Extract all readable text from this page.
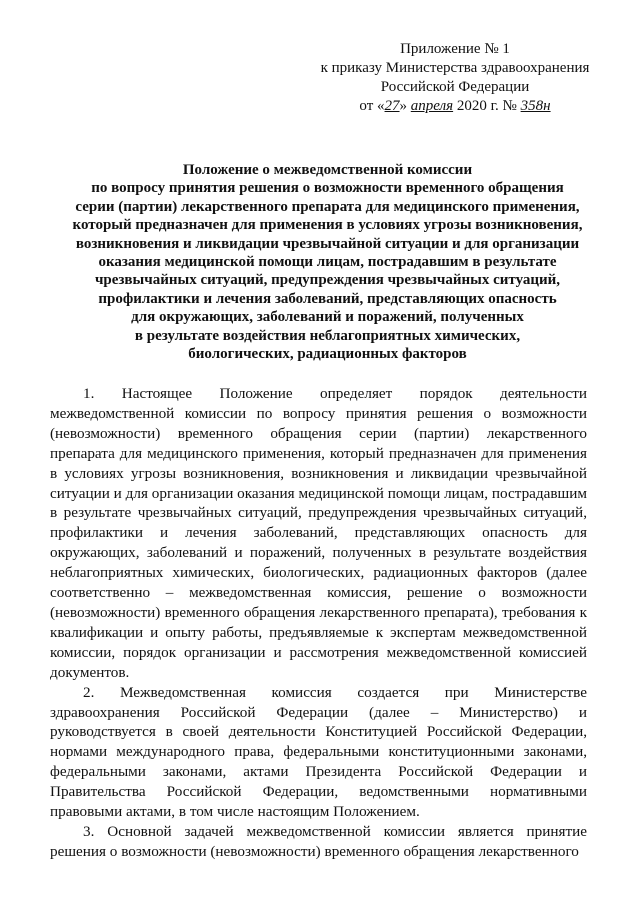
Приложение № 1
к приказу Министерства здравоохранения
Российской Федерации
от «27» апреля 2020 г. № 358н
Положение о межведомственной комиссии
по вопросу принятия решения о возможности временного обращения
серии (партии) лекарственного препарата для медицинского применения,
который предназначен для применения в условиях угрозы возникновения,
возникновения и ликвидации чрезвычайной ситуации и для организации
оказания медицинской помощи лицам, пострадавшим в результате
чрезвычайных ситуаций, предупреждения чрезвычайных ситуаций,
профилактики и лечения заболеваний, представляющих опасность
для окружающих, заболеваний и поражений, полученных
в результате воздействия неблагоприятных химических,
биологических, радиационных факторов

1. Настоящее Положение определяет порядок деятельности межведомственной комиссии по вопросу принятия решения о возможности (невозможности) временного обращения серии (партии) лекарственного препарата для медицинского применения, который предназначен для применения в условиях угрозы возникновения, возникновения и ликвидации чрезвычайной ситуации и для организации оказания медицинской помощи лицам, пострадавшим в результате чрезвычайных ситуаций, предупреждения чрезвычайных ситуаций, профилактики и лечения заболеваний, представляющих опасность для окружающих, заболеваний и поражений, полученных в результате воздействия неблагоприятных химических, биологических, радиационных факторов (далее соответственно – межведомственная комиссия, решение о возможности (невозможности) временного обращения лекарственного препарата), требования к квалификации и опыту работы, предъявляемые к экспертам межведомственной комиссии, порядок организации и рассмотрения межведомственной комиссией документов.

2. Межведомственная комиссия создается при Министерстве здравоохранения Российской Федерации (далее – Министерство) и руководствуется в своей деятельности Конституцией Российской Федерации, нормами международного права, федеральными конституционными законами, федеральными законами, актами Президента Российской Федерации и Правительства Российской Федерации, ведомственными нормативными правовыми актами, в том числе настоящим Положением.

3. Основной задачей межведомственной комиссии является принятие решения о возможности (невозможности) временного обращения лекарственного
